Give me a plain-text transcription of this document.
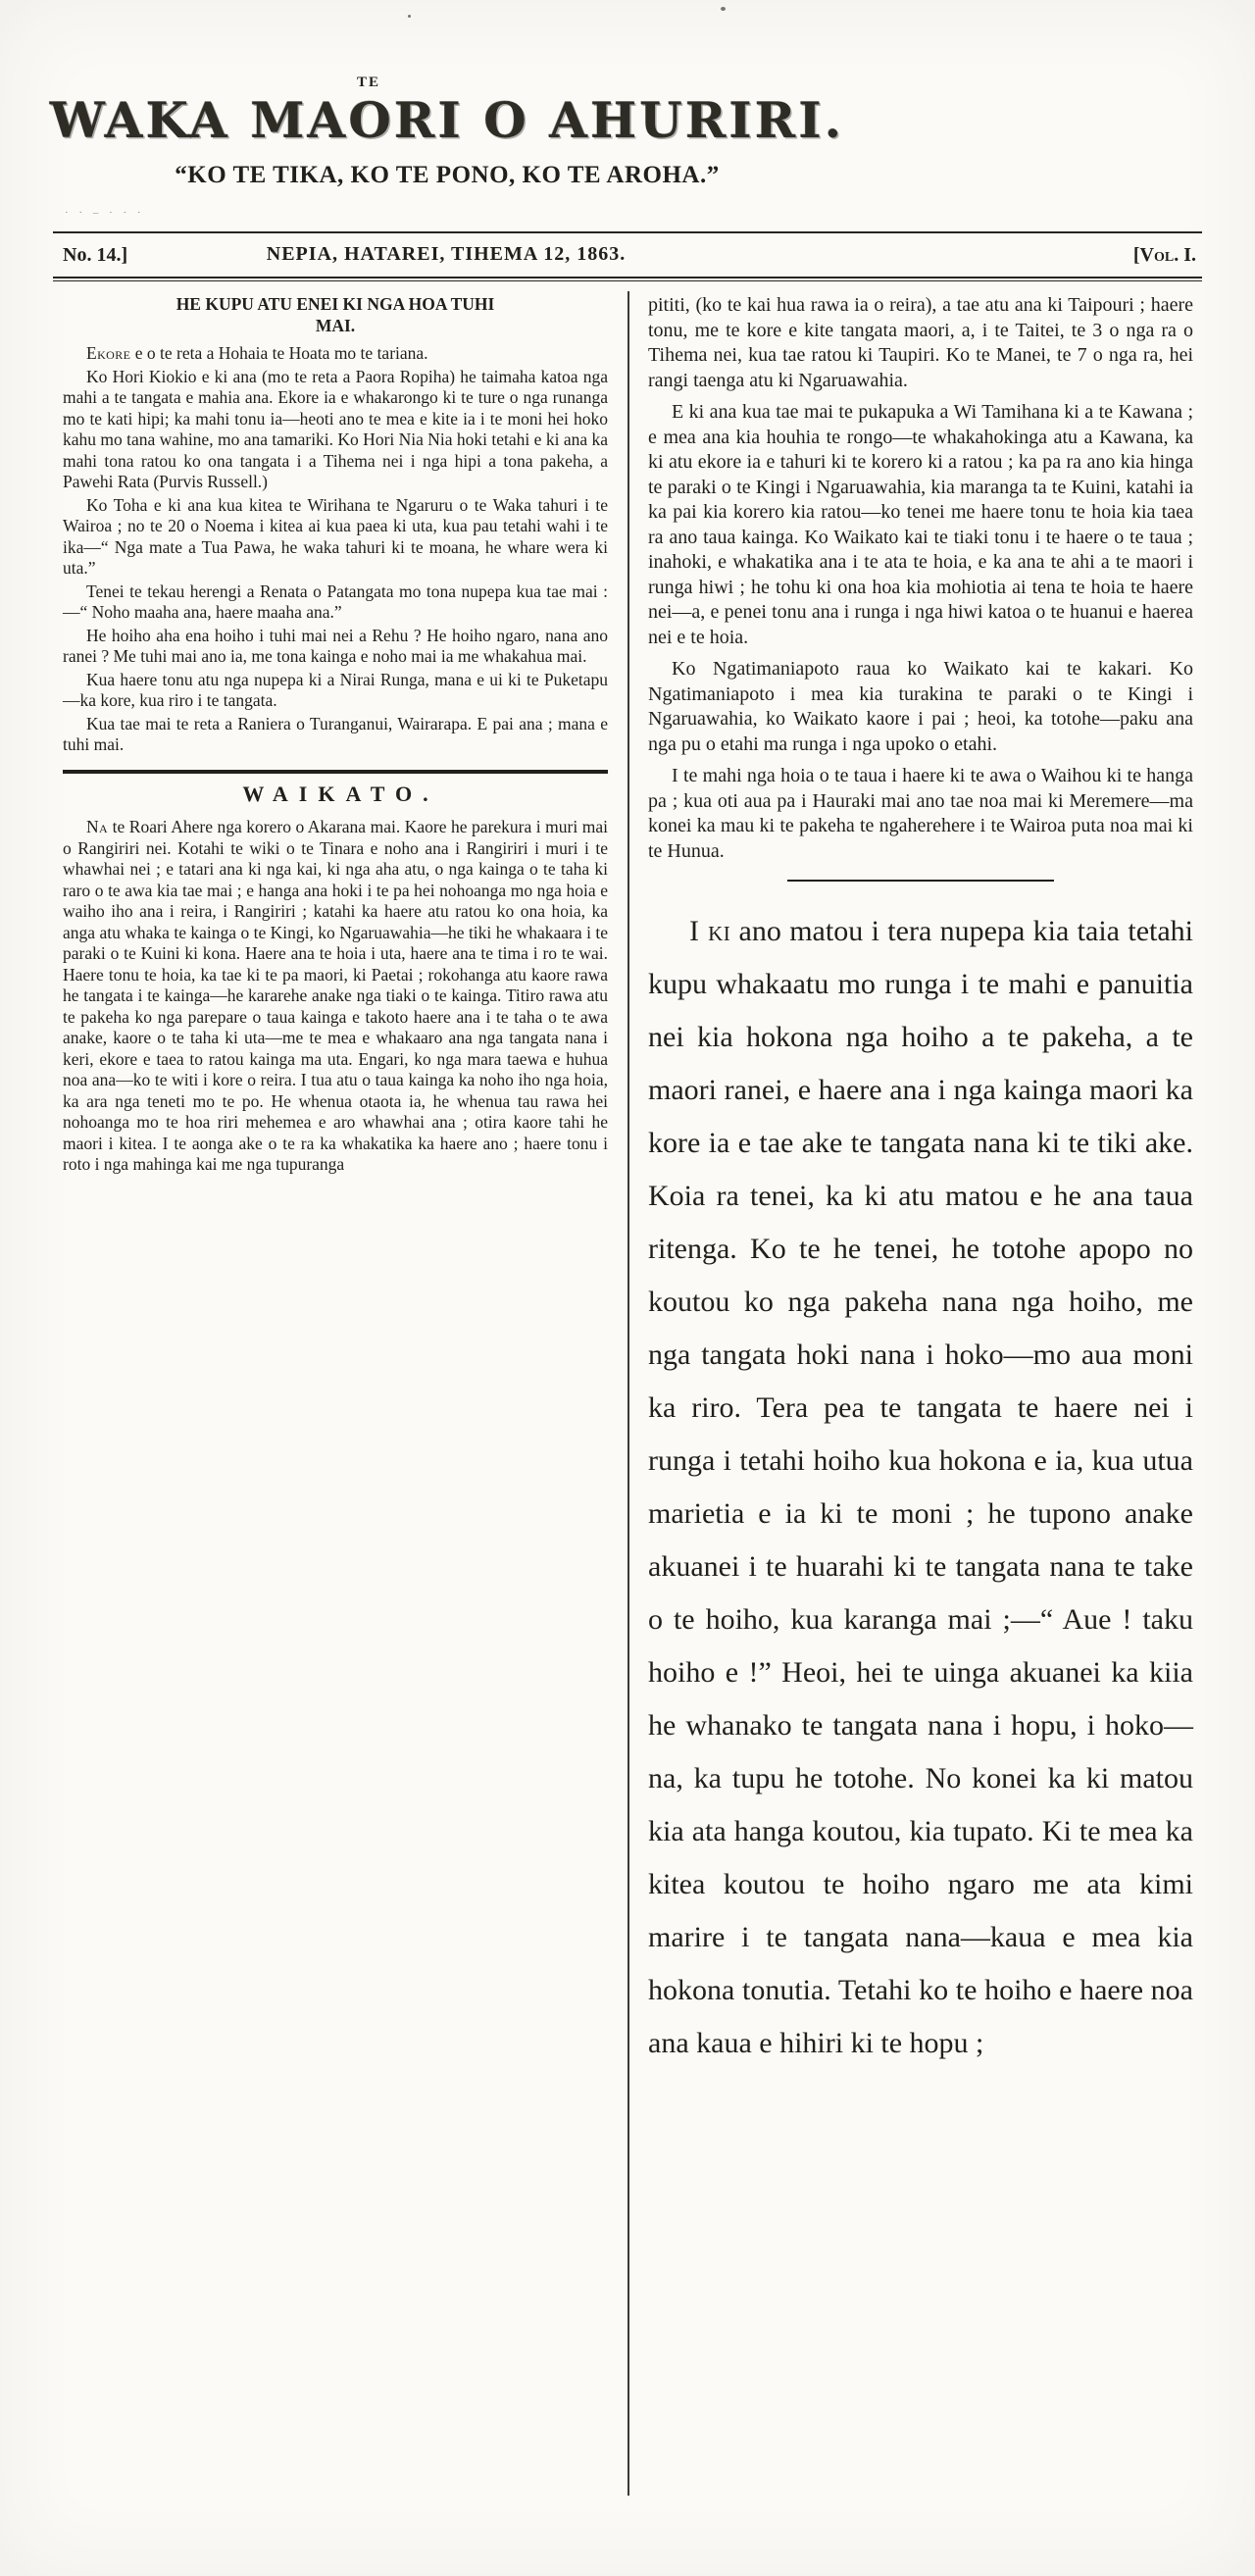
TE
WAKA MAORI O AHURIRI.
“KO TE TIKA, KO TE PONO, KO TE AROHA.”
· · – · · ·
No. 14.]	NEPIA, HATAREI, TIHEMA 12, 1863.	[Vol. I.
HE KUPU ATU ENEI KI NGA HOA TUHI
MAI.

Ekore e o te reta a Hohaia te Hoata mo te tariana.

Ko Hori Kiokio e ki ana (mo te reta a Paora Ropiha) he taimaha katoa nga mahi a te tangata e mahia ana. Ekore ia e whakarongo ki te ture o nga runanga mo te kati hipi; ka mahi tonu ia—heoti ano te mea e kite ia i te moni hei hoko kahu mo tana wahine, mo ana tamariki. Ko Hori Nia Nia hoki tetahi e ki ana ka mahi tona ratou ko ona tangata i a Tihema nei i nga hipi a tona pakeha, a Pawehi Rata (Purvis Russell.)

Ko Toha e ki ana kua kitea te Wirihana te Ngaruru o te Waka tahuri i te Wairoa ; no te 20 o Noema i kitea ai kua paea ki uta, kua pau tetahi wahi i te ika—“ Nga mate a Tua Pawa, he waka tahuri ki te moana, he whare wera ki uta.”

Tenei te tekau herengi a Renata o Patangata mo tona nupepa kua tae mai :—“ Noho maaha ana, haere maaha ana.”

He hoiho aha ena hoiho i tuhi mai nei a Rehu ? He hoiho ngaro, nana ano ranei ? Me tuhi mai ano ia, me tona kainga e noho mai ia me whakahua mai.

Kua haere tonu atu nga nupepa ki a Nirai Runga, mana e ui ki te Puketapu—ka kore, kua riro i te tangata.

Kua tae mai te reta a Raniera o Turanganui, Wairarapa. E pai ana ; mana e tuhi mai.

WAIKATO.

Na te Roari Ahere nga korero o Akarana mai. Kaore he parekura i muri mai o Rangiriri nei. Kotahi te wiki o te Tinara e noho ana i Rangiriri i muri i te whawhai nei ; e tatari ana ki nga kai, ki nga aha atu, o nga kainga o te taha ki raro o te awa kia tae mai ; e hanga ana hoki i te pa hei nohoanga mo nga hoia e waiho iho ana i reira, i Rangiriri ; katahi ka haere atu ratou ko ona hoia, ka anga atu whaka te kainga o te Kingi, ko Ngaruawahia—he tiki he whakaara i te paraki o te Kuini ki kona. Haere ana te hoia i uta, haere ana te tima i ro te wai. Haere tonu te hoia, ka tae ki te pa maori, ki Paetai ; rokohanga atu kaore rawa he tangata i te kainga—he kararehe anake nga tiaki o te kainga. Titiro rawa atu te pakeha ko nga parepare o taua kainga e takoto haere ana i te taha o te awa anake, kaore o te taha ki uta—me te mea e whakaaro ana nga tangata nana i keri, ekore e taea to ratou kainga ma uta. Engari, ko nga mara taewa e huhua noa ana—ko te witi i kore o reira. I tua atu o taua kainga ka noho iho nga hoia, ka ara nga teneti mo te po. He whenua otaota ia, he whenua tau rawa hei nohoanga mo te hoa riri mehemea e aro whawhai ana ; otira kaore tahi he maori i kitea. I te aonga ake o te ra ka whakatika ka haere ano ; haere tonu i roto i nga mahinga kai me nga tupuranga

pititi, (ko te kai hua rawa ia o reira), a tae atu ana ki Taipouri ; haere tonu, me te kore e kite tangata maori, a, i te Taitei, te 3 o nga ra o Tihema nei, kua tae ratou ki Taupiri. Ko te Manei, te 7 o nga ra, hei rangi taenga atu ki Ngaruawahia.

E ki ana kua tae mai te pukapuka a Wi Tamihana ki a te Kawana ; e mea ana kia houhia te rongo—te whakahokinga atu a Kawana, ka ki atu ekore ia e tahuri ki te korero ki a ratou ; ka pa ra ano kia hinga te paraki o te Kingi i Ngaruawahia, kia maranga ta te Kuini, katahi ia ka pai kia korero kia ratou—ko tenei me haere tonu te hoia kia taea ra ano taua kainga. Ko Waikato kai te tiaki tonu i te haere o te taua ; inahoki, e whakatika ana i te ata te hoia, e ka ana te ahi a te maori i runga hiwi ; he tohu ki ona hoa kia mohiotia ai tena te hoia te haere nei—a, e penei tonu ana i runga i nga hiwi katoa o te huanui e haerea nei e te hoia.

Ko Ngatimaniapoto raua ko Waikato kai te kakari. Ko Ngatimaniapoto i mea kia turakina te paraki o te Kingi i Ngaruawahia, ko Waikato kaore i pai ; heoi, ka totohe—paku ana nga pu o etahi ma runga i nga upoko o etahi.

I te mahi nga hoia o te taua i haere ki te awa o Waihou ki te hanga pa ; kua oti aua pa i Hauraki mai ano tae noa mai ki Meremere—ma konei ka mau ki te pakeha te ngaherehere i te Wairoa puta noa mai ki te Hunua.

I ki ano matou i tera nupepa kia taia tetahi kupu whakaatu mo runga i te mahi e panuitia nei kia hokona nga hoiho a te pakeha, a te maori ranei, e haere ana i nga kainga maori ka kore ia e tae ake te tangata nana ki te tiki ake. Koia ra tenei, ka ki atu matou e he ana taua ritenga. Ko te he tenei, he totohe apopo no koutou ko nga pakeha nana nga hoiho, me nga tangata hoki nana i hoko—mo aua moni ka riro. Tera pea te tangata te haere nei i runga i tetahi hoiho kua hokona e ia, kua utua marietia e ia ki te moni ; he tupono anake akuanei i te huarahi ki te tangata nana te take o te hoiho, kua karanga mai ;—“ Aue ! taku hoiho e !” Heoi, hei te uinga akuanei ka kiia he whanako te tangata nana i hopu, i hoko—na, ka tupu he totohe. No konei ka ki matou kia ata hanga koutou, kia tupato. Ki te mea ka kitea koutou te hoiho ngaro me ata kimi marire i te tangata nana—kaua e mea kia hokona tonutia. Tetahi ko te hoiho e haere noa ana kaua e hihiri ki te hopu ;
